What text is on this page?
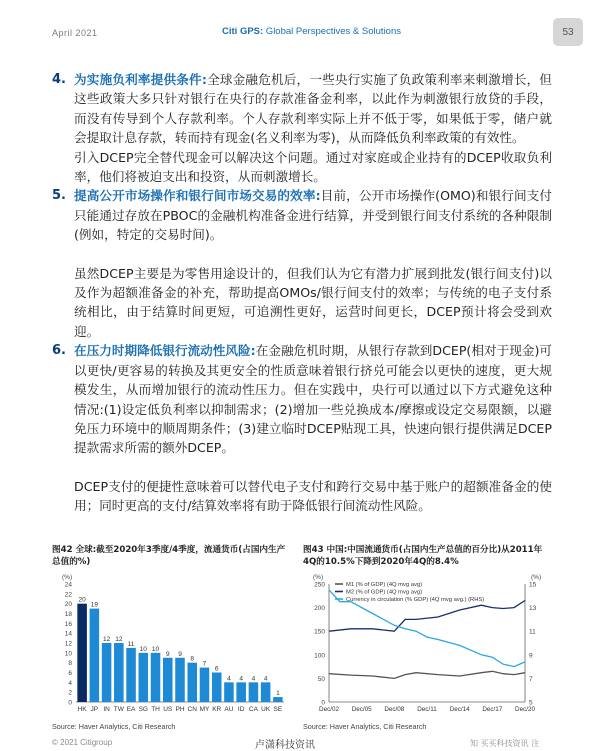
April 2021	Citi GPS: Global Perspectives & Solutions	53

4. 为实施负利率提供条件:全球金融危机后，一些央行实施了负政策利率来刺激增长，但这些政策大多只针对银行在央行的存款准备金利率，以此作为刺激银行放贷的手段，而没有传导到个人存款利率。个人存款利率实际上并不低于零，如果低于零，储户就会提取计息存款，转而持有现金(名义利率为零)，从而降低负利率政策的有效性。

引入DCEP完全替代现金可以解决这个问题。通过对家庭或企业持有的DCEP收取负利率，他们将被迫支出和投资，从而刺激增长。

5. 提高公开市场操作和银行间市场交易的效率:目前，公开市场操作(OMO)和银行间支付只能通过存放在PBOC的金融机构准备金进行结算，并受到银行间支付系统的各种限制(例如，特定的交易时间)。

虽然DCEP主要是为零售用途设计的，但我们认为它有潜力扩展到批发(银行间支付)以及作为超额准备金的补充，帮助提高OMOs/银行间支付的效率；与传统的电子支付系统相比，由于结算时间更短，可追溯性更好，运营时间更长，DCEP预计将会受到欢迎。

6. 在压力时期降低银行流动性风险:在金融危机时期，从银行存款到DCEP(相对于现金)可以更快/更容易的转换及其更安全的性质意味着银行挤兑可能会以更快的速度，更大规模发生，从而增加银行的流动性压力。但在实践中，央行可以通过以下方式避免这种情况:(1)设定低负利率以抑制需求；(2)增加一些兑换成本/摩擦或设定交易限额，以避免压力环境中的顺周期条件；(3)建立临时DCEP贴现工具，快速向银行提供满足DCEP提款需求所需的额外DCEP。

DCEP支付的便捷性意味着可以替代电子支付和跨行交易中基于账户的超额准备金的使用；同时更高的支付/结算效率将有助于降低银行间流动性风险。

图42 全球:截至2020年3季度/4季度，流通货币(占国内生产总值的%)
(%)
0
2
4
6
8
10
12
14
16
18
20
22
24
20
HK
19
JP
12
IN
12
TW
11
EA
10
SG
10
TH
9
US
9
PH
8
CN
7
MY
6
KR
4
AU
4
ID
4
CA
4
UK
1
SE
Source: Haver Analytics, Citi Research
图43 中国:中国流通货币(占国内生产总值的百分比)从2011年4Q的10.5%下降到2020年4Q的8.4%
(%)	(%)
0
50
100
150
200
250
5
7
9
11
13
15
Dec/02 Dec/05 Dec/08 Dec/11 Dec/14 Dec/17 Dec/20
M1 (% of GDP) (4Q mvg avg)
M2 (% of GDP) (4Q mvg avg)
Currency in circulation (% GDP) (4Q mvg avg.) (RHS)
Source: Haver Analytics, Citi Research
© 2021 Citigroup	卢潇科技资讯	知 买买科技资讯 注
